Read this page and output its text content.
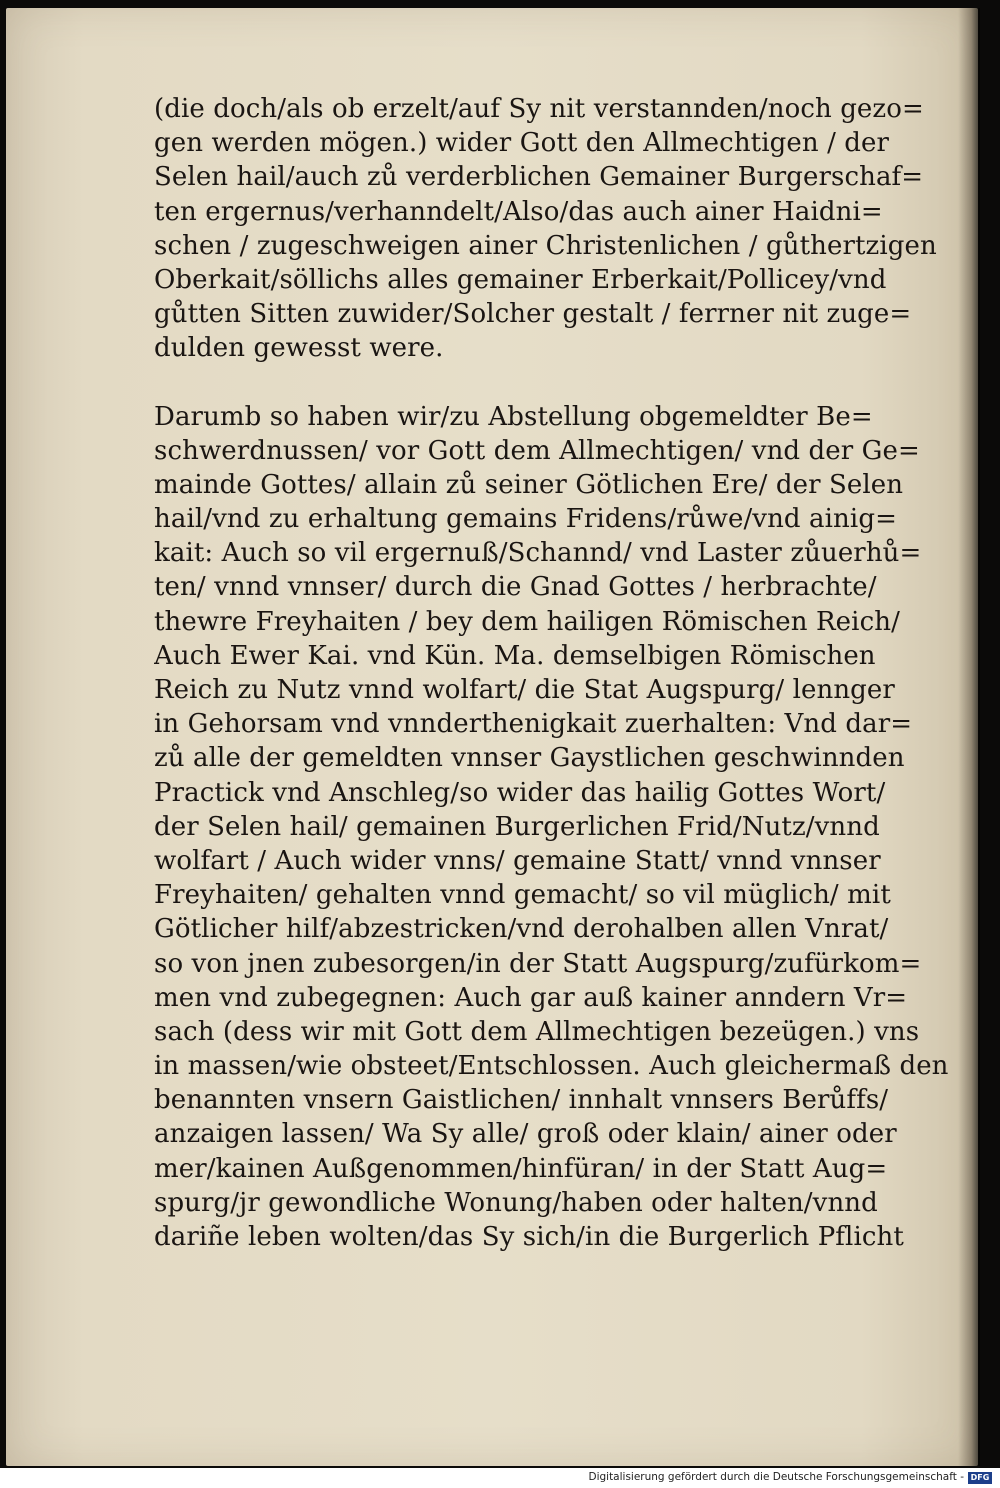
(die doch/als ob erzelt/auf Sy nit verstannden/noch gezo=
gen werden mögen.) wider Gott den Allmechtigen / der
Selen hail/auch zů verderblichen Gemainer Burgerschaf=
ten ergernus/verhanndelt/Also/das auch ainer Haidni=
schen / zugeschweigen ainer Christenlichen / gůthertzigen
Oberkait/söllichs alles gemainer Erberkait/Pollicey/vnd
gůtten Sitten zuwider/Solcher gestalt / ferrner nit zuge=
dulden gewesst were.
Darumb so haben wir/zu Abstellung obgemeldter Be=
schwerdnussen/ vor Gott dem Allmechtigen/ vnd der Ge=
mainde Gottes/ allain zů seiner Götlichen Ere/ der Selen
hail/vnd zu erhaltung gemains Fridens/růwe/vnd ainig=
kait: Auch so vil ergernuß/Schannd/ vnd Laster zůuerhů=
ten/ vnnd vnnser/ durch die Gnad Gottes / herbrachte/
thewre Freyhaiten / bey dem hailigen Römischen Reich/
Auch Ewer Kai. vnd Kün. Ma. demselbigen Römischen
Reich zu Nutz vnnd wolfart/ die Stat Augspurg/ lennger
in Gehorsam vnd vnnderthenigkait zuerhalten: Vnd dar=
zů alle der gemeldten vnnser Gaystlichen geschwinnden
Practick vnd Anschleg/so wider das hailig Gottes Wort/
der Selen hail/ gemainen Burgerlichen Frid/Nutz/vnnd
wolfart / Auch wider vnns/ gemaine Statt/ vnnd vnnser
Freyhaiten/ gehalten vnnd gemacht/ so vil müglich/ mit
Götlicher hilf/abzestricken/vnd derohalben allen Vnrat/
so von jnen zubesorgen/in der Statt Augspurg/zufürkom=
men vnd zubegegnen: Auch gar auß kainer anndern Vr=
sach (dess wir mit Gott dem Allmechtigen bezeügen.) vns
in massen/wie obsteet/Entschlossen. Auch gleichermaß den
benannten vnsern Gaistlichen/ innhalt vnnsers Berůffs/
anzaigen lassen/ Wa Sy alle/ groß oder klain/ ainer oder
mer/kainen Außgenommen/hinfüran/ in der Statt Aug=
spurg/jr gewondliche Wonung/haben oder halten/vnnd
dariñe leben wolten/das Sy sich/in die Burgerlich Pflicht
Digitalisierung gefördert durch die Deutsche Forschungsgemeinschaft - DFG
